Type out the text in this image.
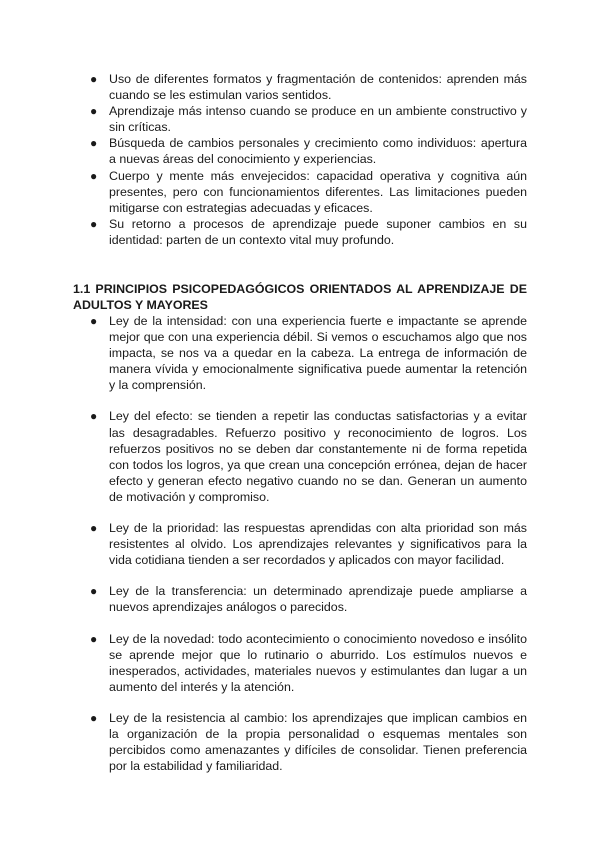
● Uso de diferentes formatos y fragmentación de contenidos: aprenden más cuando se les estimulan varios sentidos.
● Aprendizaje más intenso cuando se produce en un ambiente constructivo y sin críticas.
● Búsqueda de cambios personales y crecimiento como individuos: apertura a nuevas áreas del conocimiento y experiencias.
● Cuerpo y mente más envejecidos: capacidad operativa y cognitiva aún presentes, pero con funcionamientos diferentes. Las limitaciones pueden mitigarse con estrategias adecuadas y eficaces.
● Su retorno a procesos de aprendizaje puede suponer cambios en su identidad: parten de un contexto vital muy profundo.
1.1 PRINCIPIOS PSICOPEDAGÓGICOS ORIENTADOS AL APRENDIZAJE DE ADULTOS Y MAYORES
● Ley de la intensidad: con una experiencia fuerte e impactante se aprende mejor que con una experiencia débil. Si vemos o escuchamos algo que nos impacta, se nos va a quedar en la cabeza. La entrega de información de manera vívida y emocionalmente significativa puede aumentar la retención y la comprensión.
● Ley del efecto: se tienden a repetir las conductas satisfactorias y a evitar las desagradables. Refuerzo positivo y reconocimiento de logros. Los refuerzos positivos no se deben dar constantemente ni de forma repetida con todos los logros, ya que crean una concepción errónea, dejan de hacer efecto y generan efecto negativo cuando no se dan. Generan un aumento de motivación y compromiso.
● Ley de la prioridad: las respuestas aprendidas con alta prioridad son más resistentes al olvido. Los aprendizajes relevantes y significativos para la vida cotidiana tienden a ser recordados y aplicados con mayor facilidad.
● Ley de la transferencia: un determinado aprendizaje puede ampliarse a nuevos aprendizajes análogos o parecidos.
● Ley de la novedad: todo acontecimiento o conocimiento novedoso e insólito se aprende mejor que lo rutinario o aburrido. Los estímulos nuevos e inesperados, actividades, materiales nuevos y estimulantes dan lugar a un aumento del interés y la atención.
● Ley de la resistencia al cambio: los aprendizajes que implican cambios en la organización de la propia personalidad o esquemas mentales son percibidos como amenazantes y difíciles de consolidar. Tienen preferencia por la estabilidad y familiaridad.
